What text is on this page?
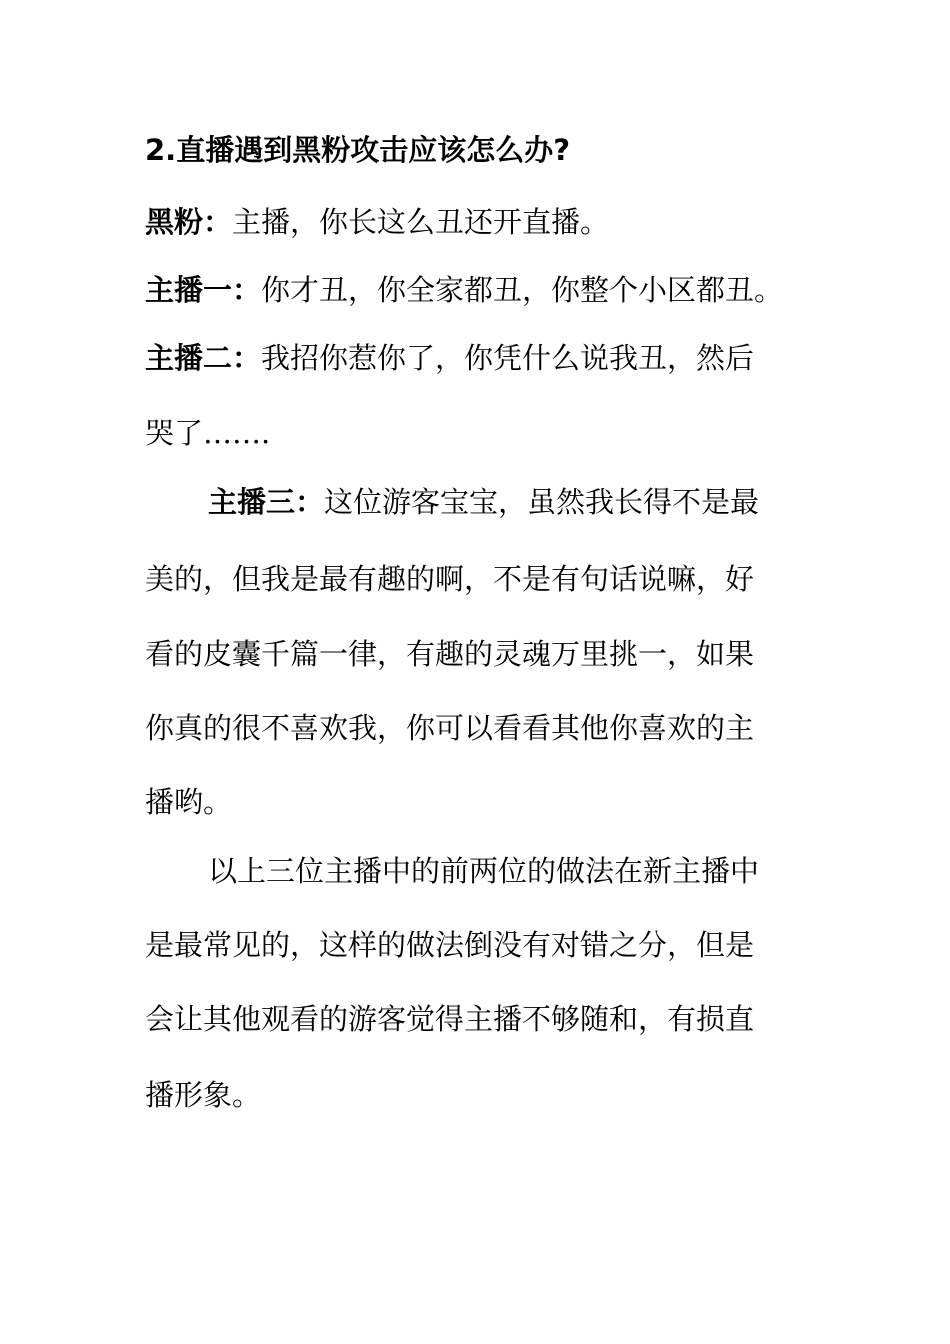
2.直播遇到黑粉攻击应该怎么办?
黑粉：主播，你长这么丑还开直播。
主播一：你才丑，你全家都丑，你整个小区都丑。
主播二：我招你惹你了，你凭什么说我丑，然后
哭了…….
主播三：这位游客宝宝，虽然我长得不是最
美的，但我是最有趣的啊，不是有句话说嘛，好
看的皮囊千篇一律，有趣的灵魂万里挑一，如果
你真的很不喜欢我，你可以看看其他你喜欢的主
播哟。
以上三位主播中的前两位的做法在新主播中
是最常见的，这样的做法倒没有对错之分，但是
会让其他观看的游客觉得主播不够随和，有损直
播形象。
